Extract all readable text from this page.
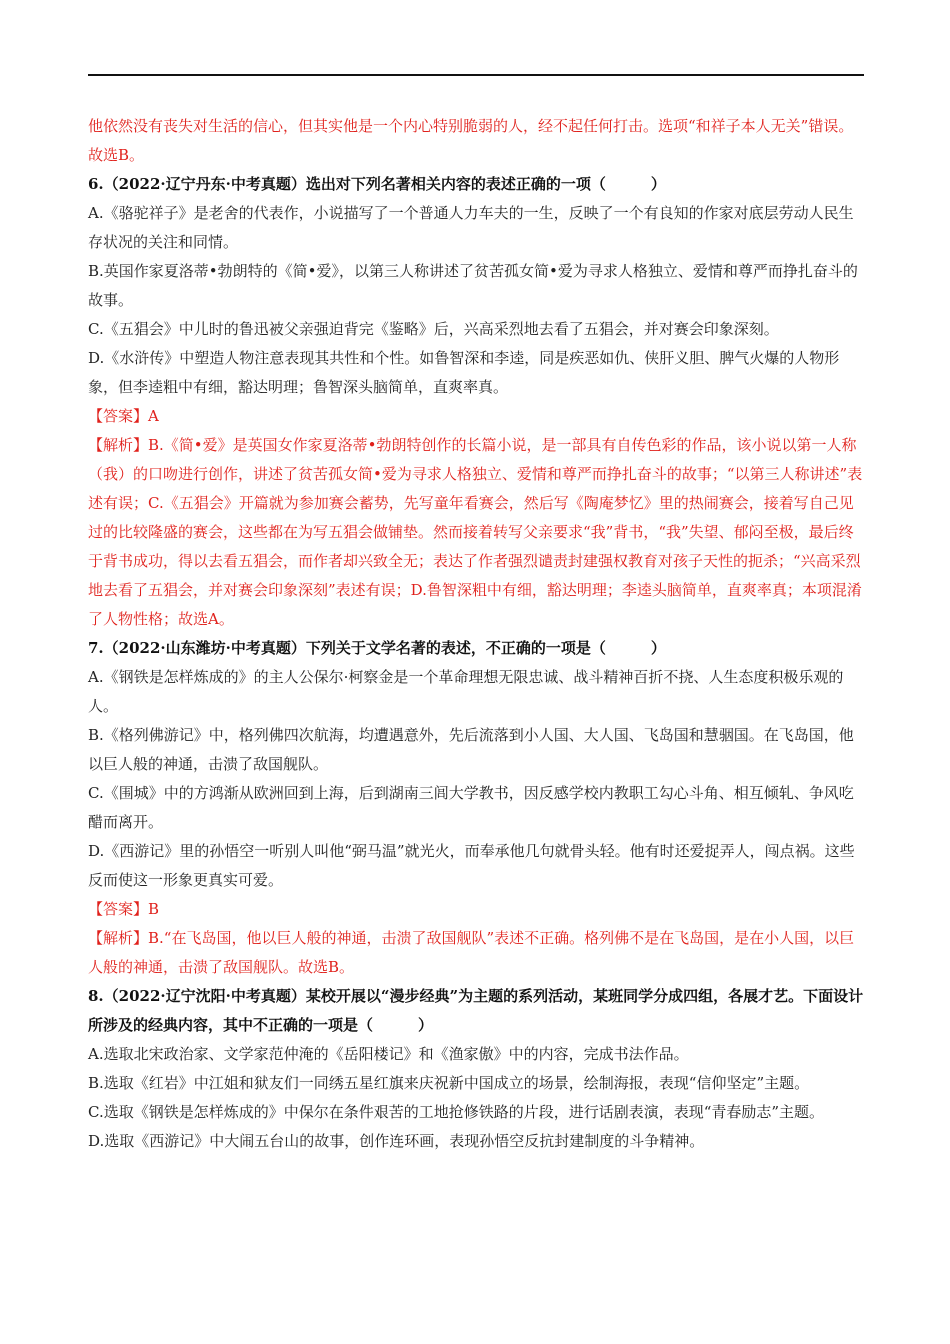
他依然没有丧失对生活的信心，但其实他是一个内心特别脆弱的人，经不起任何打击。选项“和祥子本人无关”错误。故选B。

6.（2022·辽宁丹东·中考真题）选出对下列名著相关内容的表述正确的一项（　　　）

A.《骆驼祥子》是老舍的代表作，小说描写了一个普通人力车夫的一生，反映了一个有良知的作家对底层劳动人民生存状况的关注和同情。

B.英国作家夏洛蒂•勃朗特的《简•爱》，以第三人称讲述了贫苦孤女简•爱为寻求人格独立、爱情和尊严而挣扎奋斗的故事。

C.《五猖会》中儿时的鲁迅被父亲强迫背完《鉴略》后，兴高采烈地去看了五猖会，并对赛会印象深刻。

D.《水浒传》中塑造人物注意表现其共性和个性。如鲁智深和李逵，同是疾恶如仇、侠肝义胆、脾气火爆的人物形象，但李逵粗中有细，豁达明理；鲁智深头脑简单，直爽率真。

【答案】A

【解析】B.《简•爱》是英国女作家夏洛蒂•勃朗特创作的长篇小说，是一部具有自传色彩的作品，该小说以第一人称（我）的口吻进行创作，讲述了贫苦孤女简•爱为寻求人格独立、爱情和尊严而挣扎奋斗的故事；“以第三人称讲述”表述有误；C.《五猖会》开篇就为参加赛会蓄势，先写童年看赛会，然后写《陶庵梦忆》里的热闹赛会，接着写自己见过的比较隆盛的赛会，这些都在为写五猖会做铺垫。然而接着转写父亲要求“我”背书，“我”失望、郁闷至极，最后终于背书成功，得以去看五猖会，而作者却兴致全无；表达了作者强烈谴责封建强权教育对孩子天性的扼杀；“兴高采烈地去看了五猖会，并对赛会印象深刻”表述有误；D.鲁智深粗中有细，豁达明理；李逵头脑简单，直爽率真；本项混淆了人物性格；故选A。

7.（2022·山东潍坊·中考真题）下列关于文学名著的表述，不正确的一项是（　　　）

A.《钢铁是怎样炼成的》的主人公保尔·柯察金是一个革命理想无限忠诚、战斗精神百折不挠、人生态度积极乐观的人。

B.《格列佛游记》中，格列佛四次航海，均遭遇意外，先后流落到小人国、大人国、飞岛国和慧骃国。在飞岛国，他以巨人般的神通，击溃了敌国舰队。

C.《围城》中的方鸿渐从欧洲回到上海，后到湖南三闾大学教书，因反感学校内教职工勾心斗角、相互倾轧、争风吃醋而离开。

D.《西游记》里的孙悟空一听别人叫他“弼马温”就光火，而奉承他几句就骨头轻。他有时还爱捉弄人，闯点祸。这些反而使这一形象更真实可爱。

【答案】B

【解析】B.“在飞岛国，他以巨人般的神通，击溃了敌国舰队”表述不正确。格列佛不是在飞岛国，是在小人国，以巨人般的神通，击溃了敌国舰队。故选B。

8.（2022·辽宁沈阳·中考真题）某校开展以“漫步经典”为主题的系列活动，某班同学分成四组，各展才艺。下面设计所涉及的经典内容，其中不正确的一项是（　　　）

A.选取北宋政治家、文学家范仲淹的《岳阳楼记》和《渔家傲》中的内容，完成书法作品。

B.选取《红岩》中江姐和狱友们一同绣五星红旗来庆祝新中国成立的场景，绘制海报，表现“信仰坚定”主题。

C.选取《钢铁是怎样炼成的》中保尔在条件艰苦的工地抢修铁路的片段，进行话剧表演，表现“青春励志”主题。

D.选取《西游记》中大闹五台山的故事，创作连环画，表现孙悟空反抗封建制度的斗争精神。
